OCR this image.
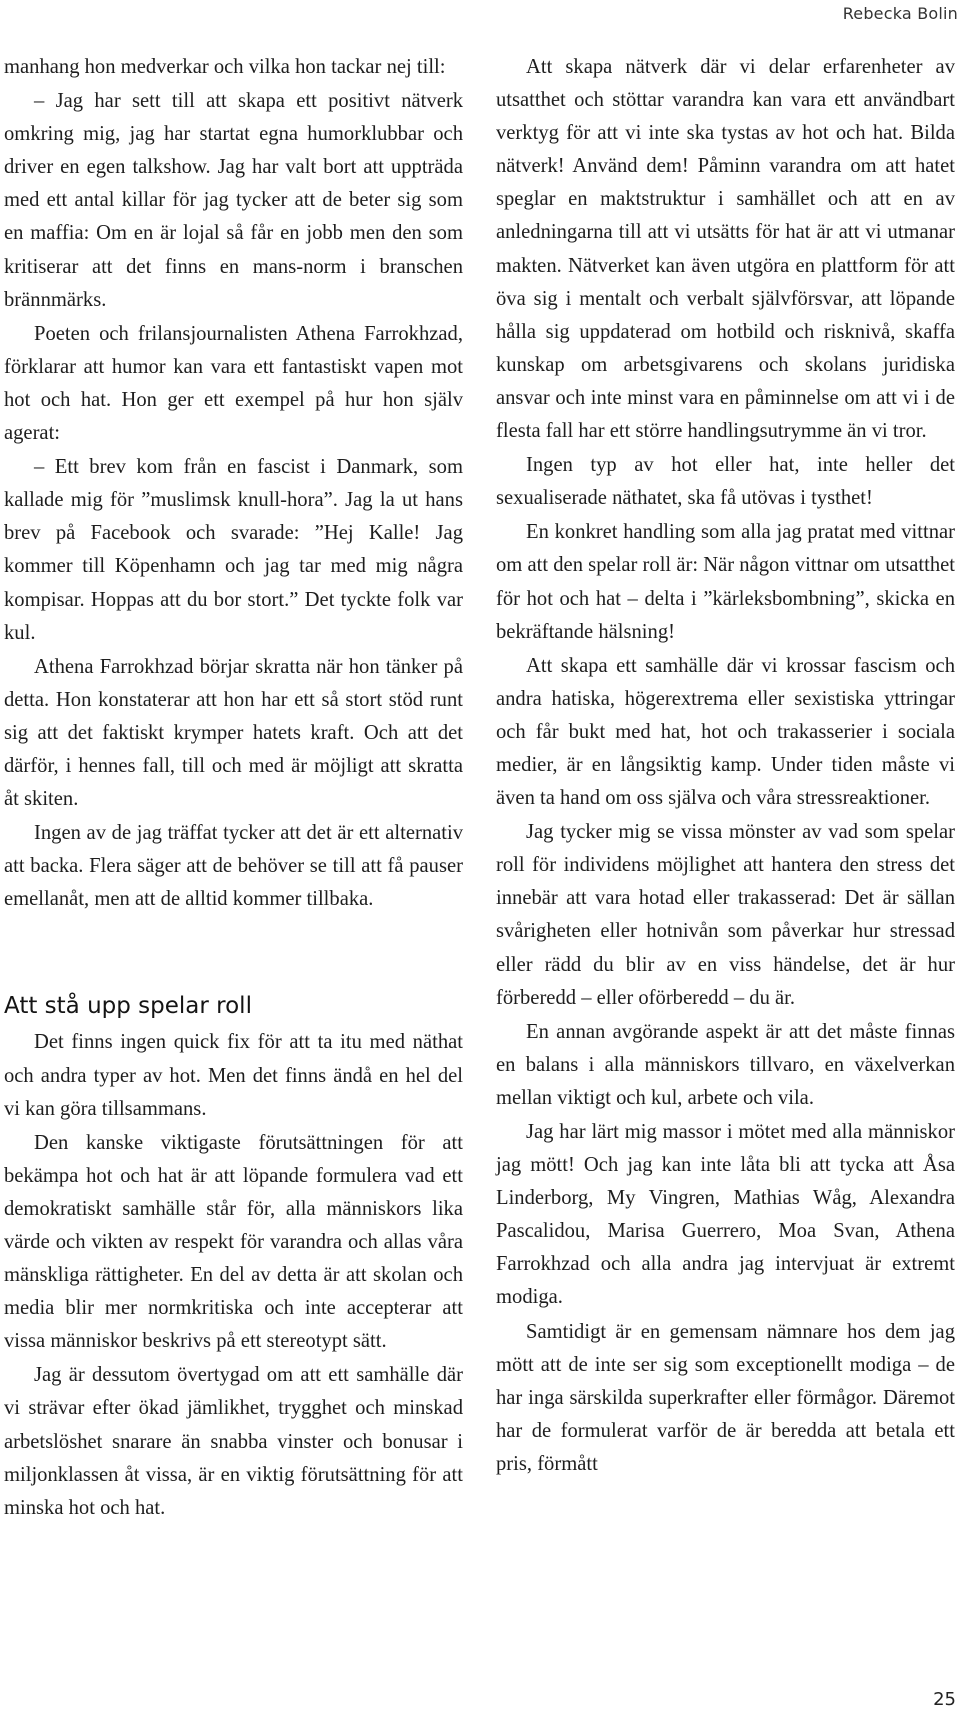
Rebecka Bolin

manhang hon medverkar och vilka hon tackar nej till:

– Jag har sett till att skapa ett positivt nätverk omkring mig, jag har startat egna humorklubbar och driver en egen talkshow. Jag har valt bort att uppträda med ett antal killar för jag tycker att de beter sig som en maffia: Om en är lojal så får en jobb men den som kritiserar att det finns en mans-norm i branschen brännmärks.

Poeten och frilansjournalisten Athena Farrokhzad, förklarar att humor kan vara ett fantastiskt vapen mot hot och hat. Hon ger ett exempel på hur hon själv agerat:

– Ett brev kom från en fascist i Danmark, som kallade mig för ”muslimsk knull-hora”. Jag la ut hans brev på Facebook och svarade: ”Hej Kalle! Jag kommer till Köpenhamn och jag tar med mig några kompisar. Hoppas att du bor stort.” Det tyckte folk var kul.

Athena Farrokhzad börjar skratta när hon tänker på detta. Hon konstaterar att hon har ett så stort stöd runt sig att det faktiskt krymper hatets kraft. Och att det därför, i hennes fall, till och med är möjligt att skratta åt skiten.

Ingen av de jag träffat tycker att det är ett alternativ att backa. Flera säger att de behöver se till att få pauser emellanåt, men att de alltid kommer tillbaka.

Att stå upp spelar roll

Det finns ingen quick fix för att ta itu med näthat och andra typer av hot. Men det finns ändå en hel del vi kan göra tillsammans.

Den kanske viktigaste förutsättningen för att bekämpa hot och hat är att löpande formulera vad ett demokratiskt samhälle står för, alla människors lika värde och vikten av respekt för varandra och allas våra mänskliga rättigheter. En del av detta är att skolan och media blir mer normkritiska och inte accepterar att vissa människor beskrivs på ett stereotypt sätt.

Jag är dessutom övertygad om att ett samhälle där vi strävar efter ökad jämlikhet, trygghet och minskad arbetslöshet snarare än snabba vinster och bonusar i miljonklassen åt vissa, är en viktig förutsättning för att minska hot och hat.

Att skapa nätverk där vi delar erfarenheter av utsatthet och stöttar varandra kan vara ett användbart verktyg för att vi inte ska tystas av hot och hat. Bilda nätverk! Använd dem! Påminn varandra om att hatet speglar en maktstruktur i samhället och att en av anledningarna till att vi utsätts för hat är att vi utmanar makten. Nätverket kan även utgöra en plattform för att öva sig i mentalt och verbalt självförsvar, att löpande hålla sig uppdaterad om hotbild och risknivå, skaffa kunskap om arbetsgivarens och skolans juridiska ansvar och inte minst vara en påminnelse om att vi i de flesta fall har ett större handlingsutrymme än vi tror.

Ingen typ av hot eller hat, inte heller det sexualiserade näthatet, ska få utövas i tysthet!

En konkret handling som alla jag pratat med vittnar om att den spelar roll är: När någon vittnar om utsatthet för hot och hat – delta i ”kärleksbombning”, skicka en bekräftande hälsning!

Att skapa ett samhälle där vi krossar fascism och andra hatiska, högerextrema eller sexistiska yttringar och får bukt med hat, hot och trakasserier i sociala medier, är en långsiktig kamp. Under tiden måste vi även ta hand om oss själva och våra stressreaktioner.

Jag tycker mig se vissa mönster av vad som spelar roll för individens möjlighet att hantera den stress det innebär att vara hotad eller trakasserad: Det är sällan svårigheten eller hotnivån som påverkar hur stressad eller rädd du blir av en viss händelse, det är hur förberedd – eller oförberedd – du är.

En annan avgörande aspekt är att det måste finnas en balans i alla människors tillvaro, en växelverkan mellan viktigt och kul, arbete och vila.

Jag har lärt mig massor i mötet med alla människor jag mött! Och jag kan inte låta bli att tycka att Åsa Linderborg, My Vingren, Mathias Wåg, Alexandra Pascalidou, Marisa Guerrero, Moa Svan, Athena Farrokhzad och alla andra jag intervjuat är extremt modiga.

Samtidigt är en gemensam nämnare hos dem jag mött att de inte ser sig som exceptionellt modiga – de har inga särskilda superkrafter eller förmågor. Däremot har de formulerat varför de är beredda att betala ett pris, förmått

25
